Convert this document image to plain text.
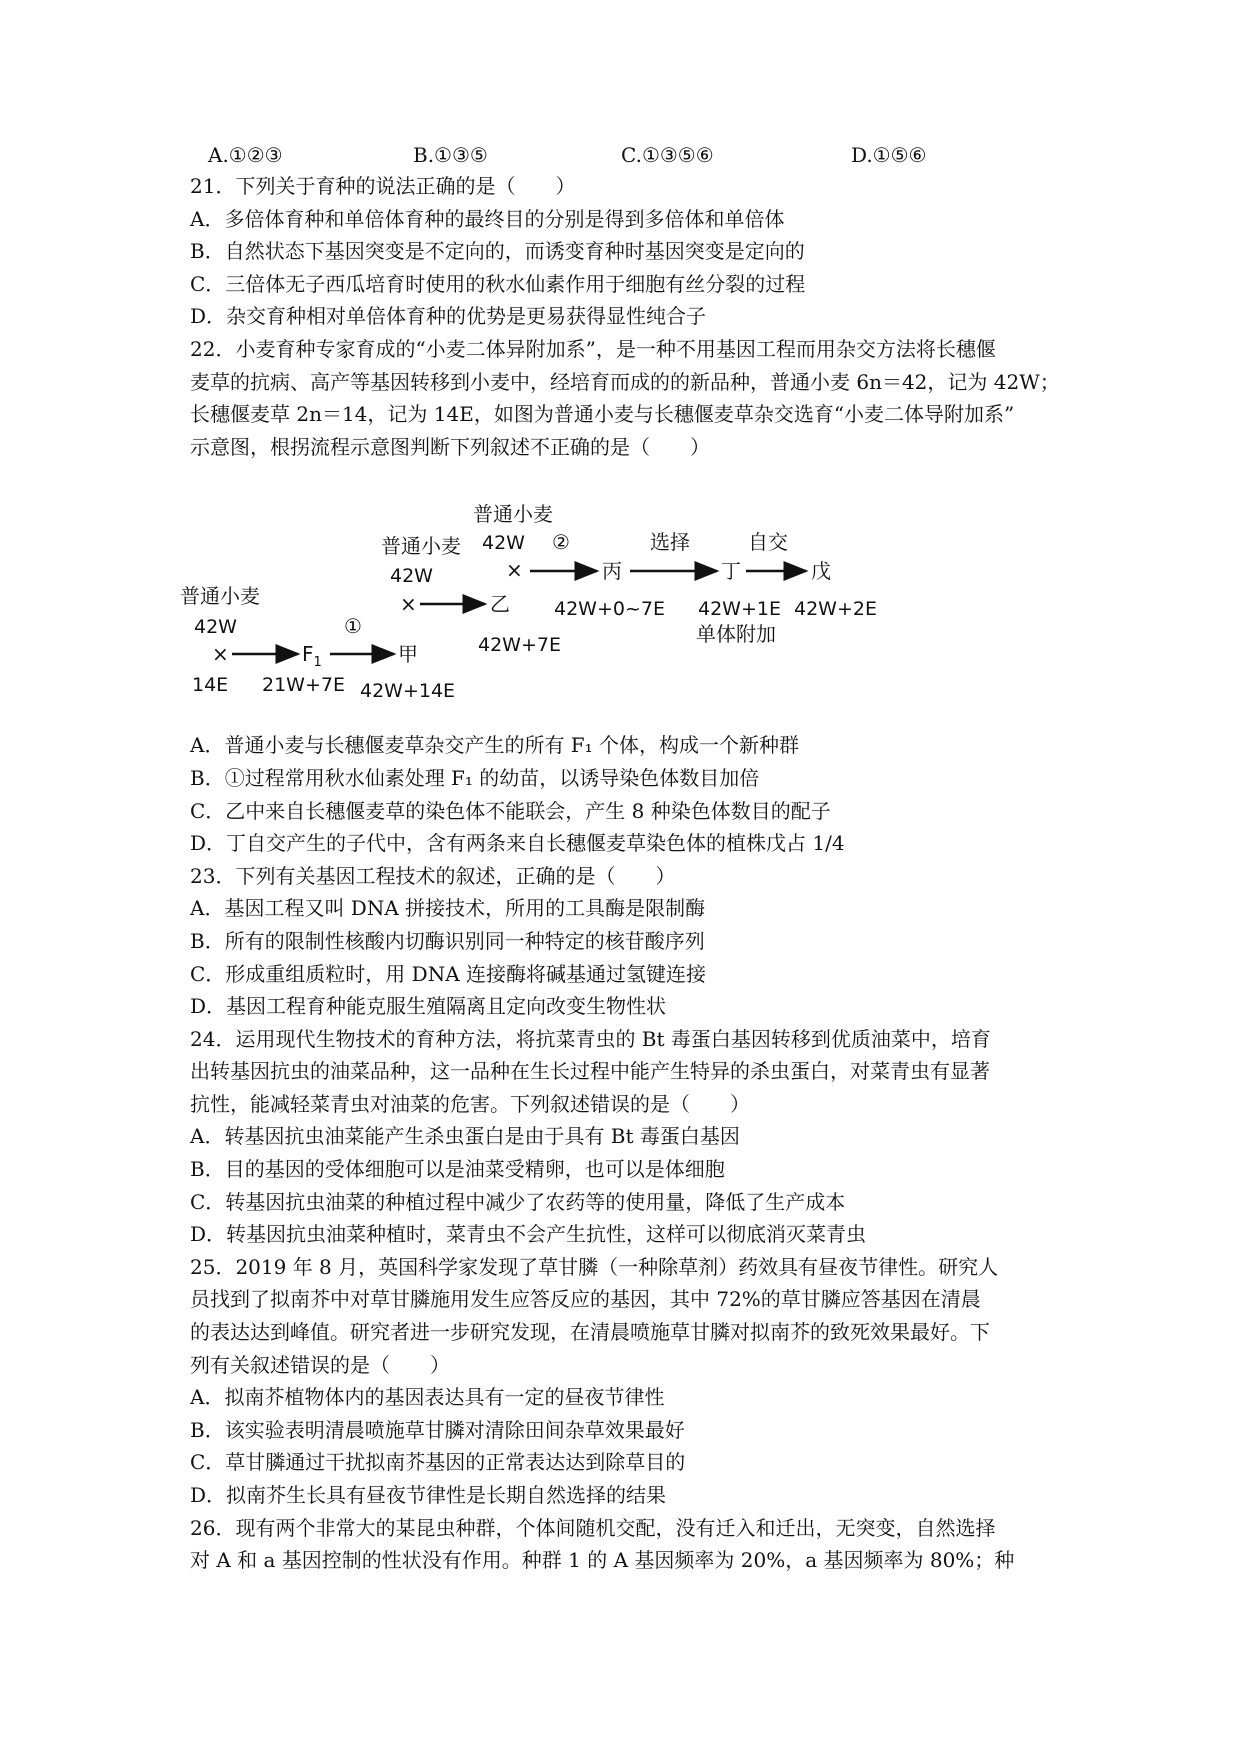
A.①②③	B.①③⑤	C.①③⑤⑥	D.①⑤⑥
21．下列关于育种的说法正确的是（　　）
A．多倍体育种和单倍体育种的最终目的分别是得到多倍体和单倍体
B．自然状态下基因突变是不定向的，而诱变育种时基因突变是定向的
C．三倍体无子西瓜培育时使用的秋水仙素作用于细胞有丝分裂的过程
D．杂交育种相对单倍体育种的优势是更易获得显性纯合子
22．小麦育种专家育成的“小麦二体异附加系”，是一种不用基因工程而用杂交方法将长穗偃
麦草的抗病、高产等基因转移到小麦中，经培育而成的的新品种，普通小麦 6n＝42，记为 42W；
长穗偃麦草 2n＝14，记为 14E，如图为普通小麦与长穗偃麦草杂交选育“小麦二体导附加系”
示意图，根拐流程示意图判断下列叙述不正确的是（　　）
普通小麦
42W
×
14E
$F_1$
21W+7E
①
甲
42W+14E
普通小麦
42W
×	乙
42W+7E
普通小麦
42W
×
②
丙
42W+0~7E
选择
丁
42W+1E
单体附加
自交
戊
42W+2E
A．普通小麦与长穗偃麦草杂交产生的所有 F₁ 个体，构成一个新种群
B．①过程常用秋水仙素处理 F₁ 的幼苗，以诱导染色体数目加倍
C．乙中来自长穗偃麦草的染色体不能联会，产生 8 种染色体数目的配子
D．丁自交产生的子代中，含有两条来自长穗偃麦草染色体的植株戊占 1/4
23．下列有关基因工程技术的叙述，正确的是（　　）
A．基因工程又叫 DNA 拼接技术，所用的工具酶是限制酶
B．所有的限制性核酸内切酶识别同一种特定的核苷酸序列
C．形成重组质粒时，用 DNA 连接酶将碱基通过氢键连接
D．基因工程育种能克服生殖隔离且定向改变生物性状
24．运用现代生物技术的育种方法，将抗菜青虫的 Bt 毒蛋白基因转移到优质油菜中，培育
出转基因抗虫的油菜品种，这一品种在生长过程中能产生特异的杀虫蛋白，对菜青虫有显著
抗性，能减轻菜青虫对油菜的危害。下列叙述错误的是（　　）
A．转基因抗虫油菜能产生杀虫蛋白是由于具有 Bt 毒蛋白基因
B．目的基因的受体细胞可以是油菜受精卵，也可以是体细胞
C．转基因抗虫油菜的种植过程中减少了农药等的使用量，降低了生产成本
D．转基因抗虫油菜种植时，菜青虫不会产生抗性，这样可以彻底消灭菜青虫
25．2019 年 8 月，英国科学家发现了草甘膦（一种除草剂）药效具有昼夜节律性。研究人
员找到了拟南芥中对草甘膦施用发生应答反应的基因，其中 72%的草甘膦应答基因在清晨
的表达达到峰值。研究者进一步研究发现，在清晨喷施草甘膦对拟南芥的致死效果最好。下
列有关叙述错误的是（　　）
A．拟南芥植物体内的基因表达具有一定的昼夜节律性
B．该实验表明清晨喷施草甘膦对清除田间杂草效果最好
C．草甘膦通过干扰拟南芥基因的正常表达达到除草目的
D．拟南芥生长具有昼夜节律性是长期自然选择的结果
26．现有两个非常大的某昆虫种群，个体间随机交配，没有迁入和迁出，无突变，自然选择
对 A 和 a 基因控制的性状没有作用。种群 1 的 A 基因频率为 20%，a 基因频率为 80%；种
